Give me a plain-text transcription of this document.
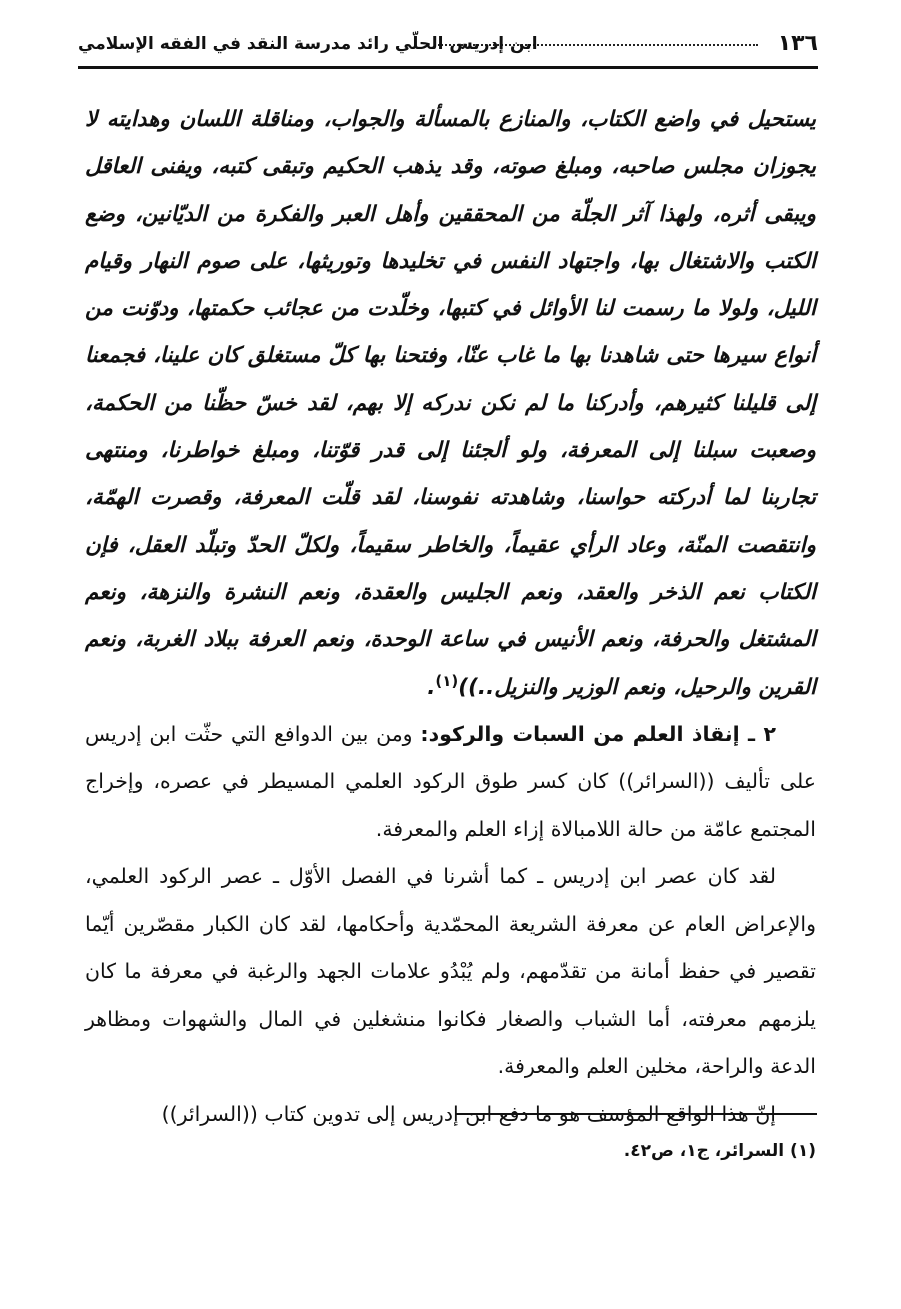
١٣٦
ابن إدريس الحلّي رائد مدرسة النقد في الفقه الإسلامي

يستحيل في واضع الكتاب، والمنازع بالمسألة والجواب، ومناقلة اللسان وهدايته لا يجوزان مجلس صاحبه، ومبلغ صوته، وقد يذهب الحكيم وتبقى كتبه، ويفنى العاقل ويبقى أثره، ولهذا آثر الجلّة من المحققين وأهل العبر والفكرة من الديّانين، وضع الكتب والاشتغال بها، واجتهاد النفس في تخليدها وتوريثها، على صوم النهار وقيام الليل، ولولا ما رسمت لنا الأوائل في كتبها، وخلّدت من عجائب حكمتها، ودوّنت من أنواع سيرها حتى شاهدنا بها ما غاب عنّا، وفتحنا بها كلّ مستغلق كان علينا، فجمعنا إلى قليلنا كثيرهم، وأدركنا ما لم نكن ندركه إلا بهم، لقد خسّ حظّنا من الحكمة، وصعبت سبلنا إلى المعرفة، ولو ألجئنا إلى قدر قوّتنا، ومبلغ خواطرنا، ومنتهى تجاربنا لما أدركته حواسنا، وشاهدته نفوسنا، لقد قلّت المعرفة، وقصرت الهمّة، وانتقصت المنّة، وعاد الرأي عقيماً، والخاطر سقيماً، ولكلّ الحدّ وتبلّد العقل، فإن الكتاب نعم الذخر والعقد، ونعم الجليس والعقدة، ونعم النشرة والنزهة، ونعم المشتغل والحرفة، ونعم الأنيس في ساعة الوحدة، ونعم العرفة ببلاد الغربة، ونعم القرين والرحيل، ونعم الوزير والنزيل..))$^{(١)}$.

٢ ـ إنقاذ العلم من السبات والركود: ومن بين الدوافع التي حثّت ابن إدريس على تأليف ((السرائر)) كان كسر طوق الركود العلمي المسيطر في عصره، وإخراج المجتمع عامّة من حالة اللامبالاة إزاء العلم والمعرفة.

لقد كان عصر ابن إدريس ـ كما أشرنا في الفصل الأوّل ـ عصر الركود العلمي، والإعراض العام عن معرفة الشريعة المحمّدية وأحكامها، لقد كان الكبار مقصّرين أيّما تقصير في حفظ أمانة من تقدّمهم، ولم يُبْدُو علامات الجهد والرغبة في معرفة ما كان يلزمهم معرفته، أما الشباب والصغار فكانوا منشغلين في المال والشهوات ومظاهر الدعة والراحة، مخلين العلم والمعرفة.

إنّ هذا الواقع المؤسف هو ما دفع ابن إدريس إلى تدوين كتاب ((السرائر))

(١) السرائر، ج١، ص٤٢.
